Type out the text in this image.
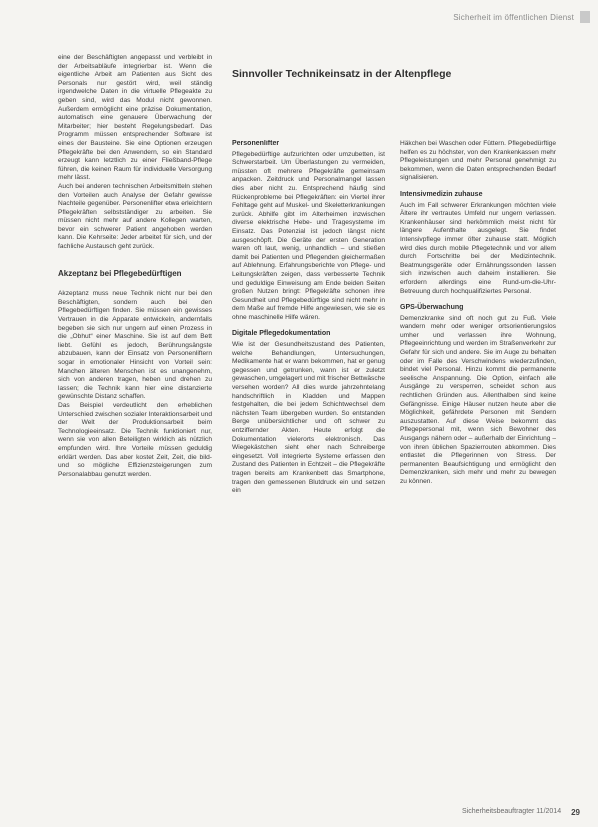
Sicherheit im öffentlichen Dienst
Sinnvoller Technikeinsatz in der Altenpflege

eine der Beschäftigten angepasst und verbleibt in der Arbeitsabläufe integrierbar ist. Wenn die eigentliche Arbeit am Patienten aus Sicht des Personals nur gestört wird, weil ständig irgendwelche Daten in die virtuelle Pflegeakte zu geben sind, wird das Modul nicht gewonnen. Außerdem ermöglicht eine präzise Dokumentation, automatisch eine genauere Überwachung der Mitarbeiter; hier besteht Regelungsbedarf. Das Programm müssen entsprechender Software ist eines der Bausteine. Sie eine Optionen erzeugen Pflegekräfte bei den Anwendern, so ein Standard erzeugt kann letztlich zu einer Fließband-Pflege führen, die keinen Raum für individuelle Versorgung mehr lässt.

Auch bei anderen technischen Arbeitsmitteln stehen den Vorteilen auch Analyse der Gefahr gewisse Nachteile gegenüber. Personenlifter etwa erleichtern Pflegekräften selbstständiger zu arbeiten. Sie müssen nicht mehr auf andere Kollegen warten, bevor ein schwerer Patient angehoben werden kann. Die Kehrseite: Jeder arbeitet für sich, und der fachliche Austausch geht zurück.

Akzeptanz bei Pflegebedürftigen

Akzeptanz muss neue Technik nicht nur bei den Beschäftigten, sondern auch bei den Pflegebedürftigen finden. Sie müssen ein gewisses Vertrauen in die Apparate entwickeln, andernfalls begeben sie sich nur ungern auf einen Prozess in die „Obhut“ einer Maschine. Sie ist auf dem Bett liebt. Gefühl es jedoch, Berührungsängste abzubauen, kann der Einsatz von Personenliftern sogar in emotionaler Hinsicht von Vorteil sein: Manchen älteren Menschen ist es unangenehm, sich von anderen tragen, heben und drehen zu lassen; die Technik kann hier eine distanzierte gewünschte Distanz schaffen.

Das Beispiel verdeutlicht den erheblichen Unterschied zwischen sozialer Interaktionsarbeit und der Welt der Produktionsarbeit beim Technologieeinsatz. Die Technik funktioniert nur, wenn sie von allen Beteiligten wirklich als nützlich empfunden wird. Ihre Vorteile müssen geduldig erklärt werden. Das aber kostet Zeit, Zeit, die bild- und so mögliche Effizienzsteigerungen zum Personalabbau genutzt werden.

Personenlifter

Pflegebedürftige aufzurichten oder umzubetten, ist Schwerstarbeit. Um Überlastungen zu vermeiden, müssten oft mehrere Pflegekräfte gemeinsam anpacken. Zeitdruck und Personalmangel lassen dies aber nicht zu. Entsprechend häufig sind Rückenprobleme bei Pflegekräften: ein Viertel ihrer Fehltage geht auf Muskel- und Skeletterkrankungen zurück. Abhilfe gibt im Alterheimen inzwischen diverse elektrische Hebe- und Tragesysteme im Einsatz. Das Potenzial ist jedoch längst nicht ausgeschöpft. Die Geräte der ersten Generation waren oft laut, wenig, unhandlich – und stießen damit bei Patienten und Pflegenden gleichermaßen auf Ablehnung. Erfahrungsberichte von Pflege- und Leitungskräften zeigen, dass verbesserte Technik und geduldige Einweisung am Ende beiden Seiten großen Nutzen bringt: Pflegekräfte schonen ihre Gesundheit und Pflegebedürftige sind nicht mehr in dem Maße auf fremde Hilfe angewiesen, wie sie es ohne maschinelle Hilfe wären.

Digitale Pflegedokumentation

Wie ist der Gesundheitszustand des Patienten, welche Behandlungen, Untersuchungen, Medikamente hat er wann bekommen, hat er genug gegessen und getrunken, wann ist er zuletzt gewaschen, umgelagert und mit frischer Bettwäsche versehen worden? All dies wurde jahrzehntelang handschriftlich in Kladden und Mappen festgehalten, die bei jedem Schichtwechsel dem nächsten Team übergeben wurden. So entstanden Berge unübersichtlicher und oft schwer zu entziffernder Akten. Heute erfolgt die Dokumentation vielerorts elektronisch. Das Wiegekästchen sieht eher nach Schreiberge eingesetzt. Voll integrierte Systeme erfassen den Zustand des Patienten in Echtzeit – die Pflegekräfte tragen bereits am Krankenbett das Smartphone, tragen den gemessenen Blutdruck ein und setzen ein

Häkchen bei Waschen oder Füttern. Pflegebedürftige helfen es zu höchster, von den Krankenkassen mehr Pflegeleistungen und mehr Personal genehmigt zu bekommen, wenn die Daten entsprechenden Bedarf signalisieren.

Intensivmedizin zuhause

Auch im Fall schwerer Erkrankungen möchten viele Ältere ihr vertrautes Umfeld nur ungern verlassen. Krankenhäuser sind herkömmlich meist nicht für längere Aufenthalte ausgelegt. Sie findet Intensivpflege immer öfter zuhause statt. Möglich wird dies durch mobile Pflegetechnik und vor allem durch Fortschritte bei der Medizintechnik. Beatmungsgeräte oder Ernährungssonden lassen sich inzwischen auch daheim installieren. Sie erfordern allerdings eine Rund-um-die-Uhr-Betreuung durch hochqualifiziertes Personal.

GPS-Überwachung

Demenzkranke sind oft noch gut zu Fuß. Viele wandern mehr oder weniger ortsorientierungslos umher und verlassen ihre Wohnung, Pflegeeinrichtung und werden im Straßenverkehr zur Gefahr für sich und andere. Sie im Auge zu behalten oder im Falle des Verschwindens wiederzufinden, bindet viel Personal. Hinzu kommt die permanente seelische Anspannung. Die Option, einfach alle Ausgänge zu versperren, scheidet schon aus rechtlichen Gründen aus. Allenthalben sind keine Gefängnisse. Einige Häuser nutzen heute aber die Möglichkeit, gefährdete Personen mit Sendern auszustatten. Auf diese Weise bekommt das Pflegepersonal mit, wenn sich Bewohner des Ausgangs nähern oder – außerhalb der Einrichtung – von ihren üblichen Spazierrouten abkommen. Dies entlastet die Pflegerinnen von Stress. Der permanenten Beaufsichtigung und ermöglicht den Demenzkranken, sich mehr und mehr zu bewegen zu können.

Sicherheitsbeauftragter 11/2014 29
